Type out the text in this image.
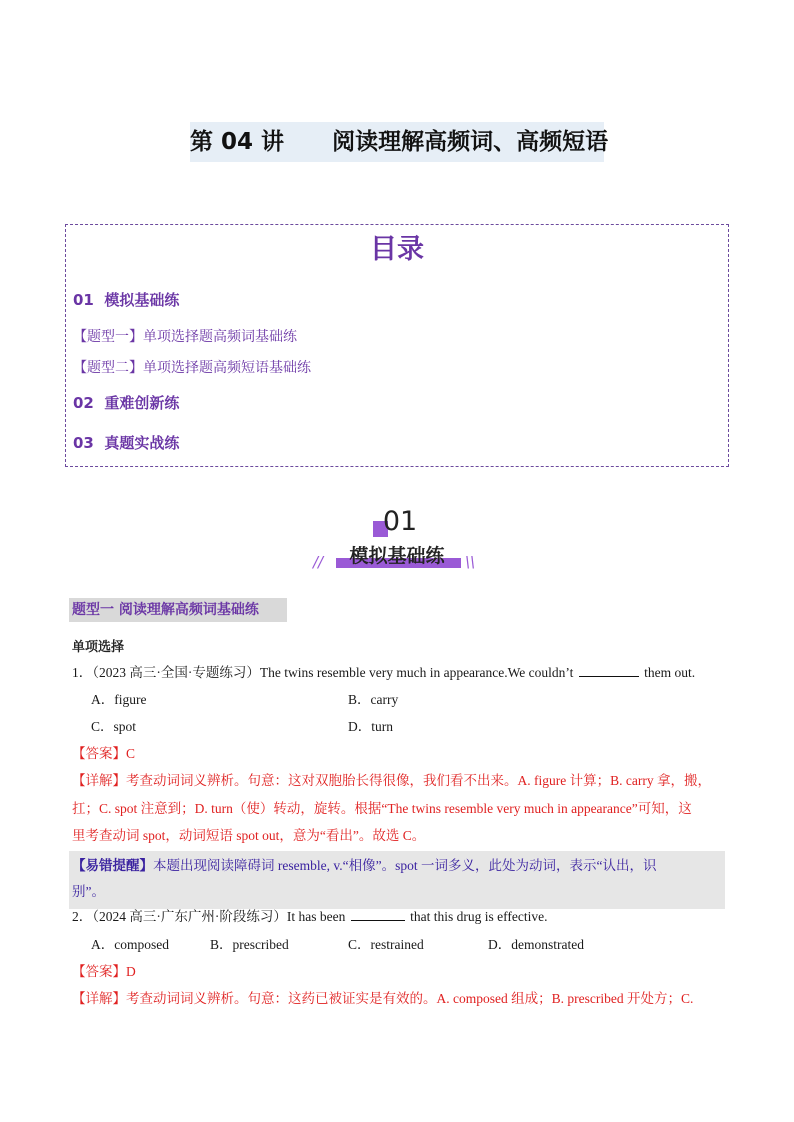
第 04 讲 阅读理解高频词、高频短语
目录
01 模拟基础练
【题型一】单项选择题高频词基础练
【题型二】单项选择题高频短语基础练
02 重难创新练
03 真题实战练
01
//	模拟基础练	\\
题型一 阅读理解高频词基础练
单项选择
1．（2023 高三·全国·专题练习）The twins resemble very much in appearance.We couldn’t	them out.
A．figure	B．carry
C．spot	D．turn
【答案】C
【详解】考查动词词义辨析。句意：这对双胞胎长得很像，我们看不出来。A. figure 计算；B. carry 拿，搬，
扛；C. spot 注意到；D. turn（使）转动，旋转。根据“The twins resemble very much in appearance”可知，这
里考查动词 spot，动词短语 spot out，意为“看出”。故选 C。
【易错提醒】本题出现阅读障碍词 resemble, v.“相像”。spot 一词多义，此处为动词，表示“认出，识
别”。
2．（2024 高三·广东广州·阶段练习）It has been	that this drug is effective.
A．composed	B．prescribed	C．restrained	D．demonstrated
【答案】D
【详解】考查动词词义辨析。句意：这药已被证实是有效的。A. composed 组成；B. prescribed 开处方；C.
